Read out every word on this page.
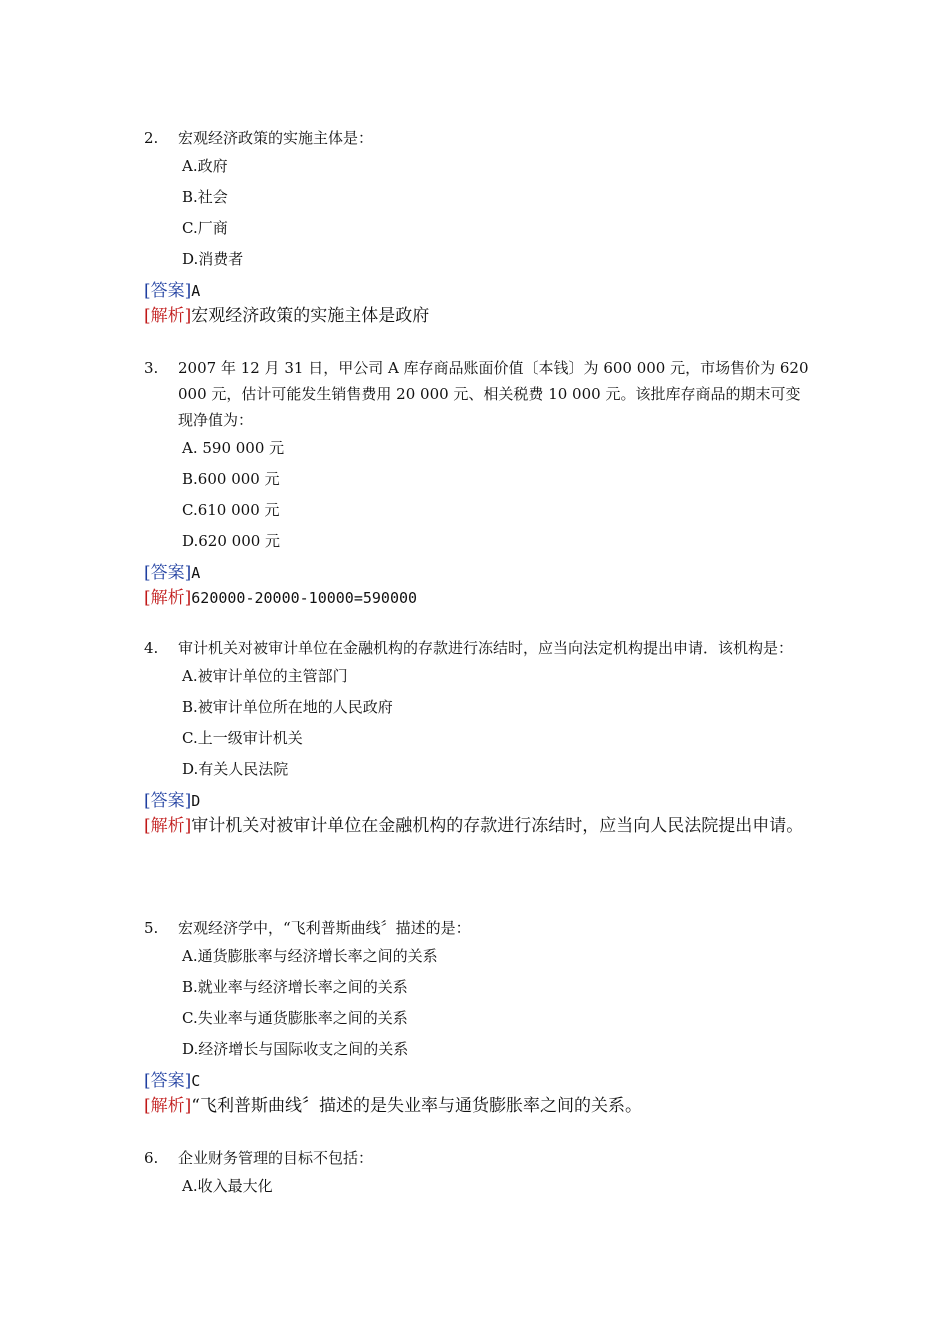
2. 宏观经济政策的实施主体是：
A.政府
B.社会
C.厂商
D.消费者
[答案]A
[解析]宏观经济政策的实施主体是政府
3. 2007 年 12 月 31 日，甲公司 A 库存商品账面价值〔本钱〕为 600 000 元，市场售价为 620 000 元，估计可能发生销售费用 20 000 元、相关税费 10 000 元。该批库存商品的期末可变现净值为：
A. 590 000 元
B.600 000 元
C.610 000 元
D.620 000 元
[答案]A
[解析]620000-20000-10000=590000
4. 审计机关对被审计单位在金融机构的存款进行冻结时，应当向法定机构提出申请．该机构是：
A.被审计单位的主管部门
B.被审计单位所在地的人民政府
C.上一级审计机关
D.有关人民法院
[答案]D
[解析]审计机关对被审计单位在金融机构的存款进行冻结时，应当向人民法院提出申请。
5. 宏观经济学中，“飞利普斯曲线〞描述的是：
A.通货膨胀率与经济增长率之间的关系
B.就业率与经济增长率之间的关系
C.失业率与通货膨胀率之间的关系
D.经济增长与国际收支之间的关系
[答案]C
[解析]“飞利普斯曲线〞描述的是失业率与通货膨胀率之间的关系。
6. 企业财务管理的目标不包括：
A.收入最大化
